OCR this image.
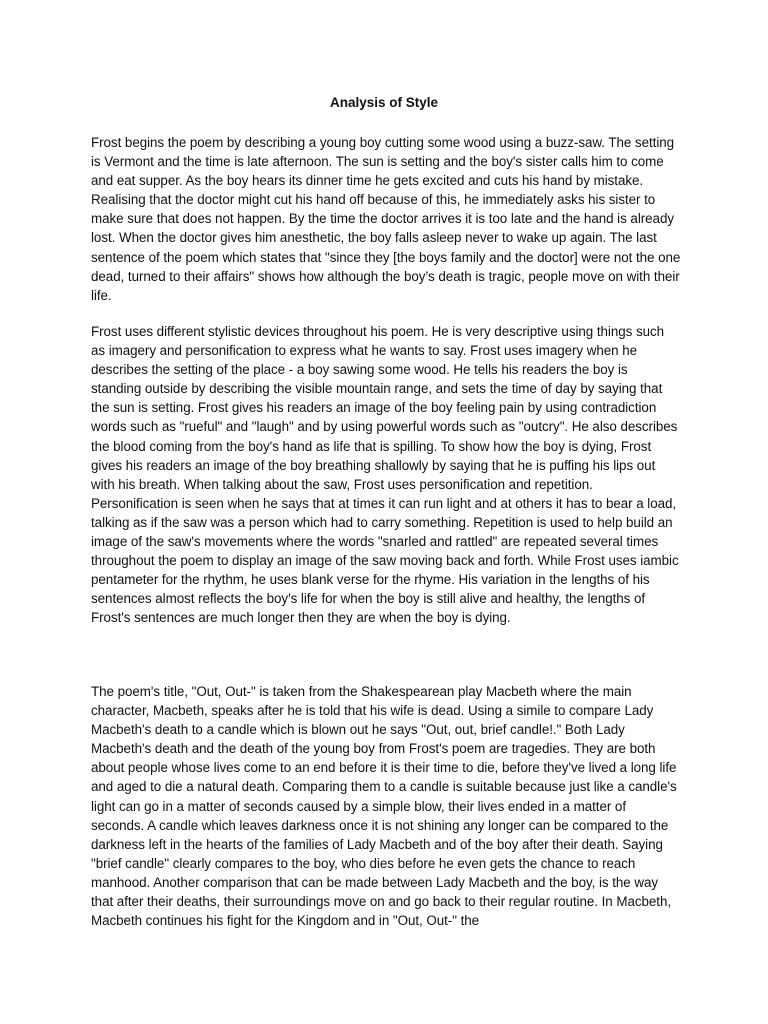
Analysis of Style

Frost begins the poem by describing a young boy cutting some wood using a buzz-saw. The setting is Vermont and the time is late afternoon. The sun is setting and the boy's sister calls him to come and eat supper. As the boy hears its dinner time he gets excited and cuts his hand by mistake. Realising that the doctor might cut his hand off because of this, he immediately asks his sister to make sure that does not happen. By the time the doctor arrives it is too late and the hand is already lost. When the doctor gives him anesthetic, the boy falls asleep never to wake up again. The last sentence of the poem which states that "since they [the boys family and the doctor] were not the one dead, turned to their affairs" shows how although the boy’s death is tragic, people move on with their life.

Frost uses different stylistic devices throughout his poem. He is very descriptive using things such as imagery and personification to express what he wants to say. Frost uses imagery when he describes the setting of the place - a boy sawing some wood. He tells his readers the boy is standing outside by describing the visible mountain range, and sets the time of day by saying that the sun is setting. Frost gives his readers an image of the boy feeling pain by using contradiction words such as "rueful" and "laugh" and by using powerful words such as "outcry". He also describes the blood coming from the boy's hand as life that is spilling. To show how the boy is dying, Frost gives his readers an image of the boy breathing shallowly by saying that he is puffing his lips out with his breath. When talking about the saw, Frost uses personification and repetition. Personification is seen when he says that at times it can run light and at others it has to bear a load, talking as if the saw was a person which had to carry something. Repetition is used to help build an image of the saw's movements where the words "snarled and rattled" are repeated several times throughout the poem to display an image of the saw moving back and forth. While Frost uses iambic pentameter for the rhythm, he uses blank verse for the rhyme. His variation in the lengths of his sentences almost reflects the boy's life for when the boy is still alive and healthy, the lengths of Frost's sentences are much longer then they are when the boy is dying.

The poem's title, "Out, Out-" is taken from the Shakespearean play Macbeth where the main character, Macbeth, speaks after he is told that his wife is dead. Using a simile to compare Lady Macbeth's death to a candle which is blown out he says "Out, out, brief candle!." Both Lady Macbeth's death and the death of the young boy from Frost's poem are tragedies. They are both about people whose lives come to an end before it is their time to die, before they've lived a long life and aged to die a natural death. Comparing them to a candle is suitable because just like a candle's light can go in a matter of seconds caused by a simple blow, their lives ended in a matter of seconds. A candle which leaves darkness once it is not shining any longer can be compared to the darkness left in the hearts of the families of Lady Macbeth and of the boy after their death. Saying "brief candle" clearly compares to the boy, who dies before he even gets the chance to reach manhood. Another comparison that can be made between Lady Macbeth and the boy, is the way that after their deaths, their surroundings move on and go back to their regular routine. In Macbeth, Macbeth continues his fight for the Kingdom and in "Out, Out-" the
